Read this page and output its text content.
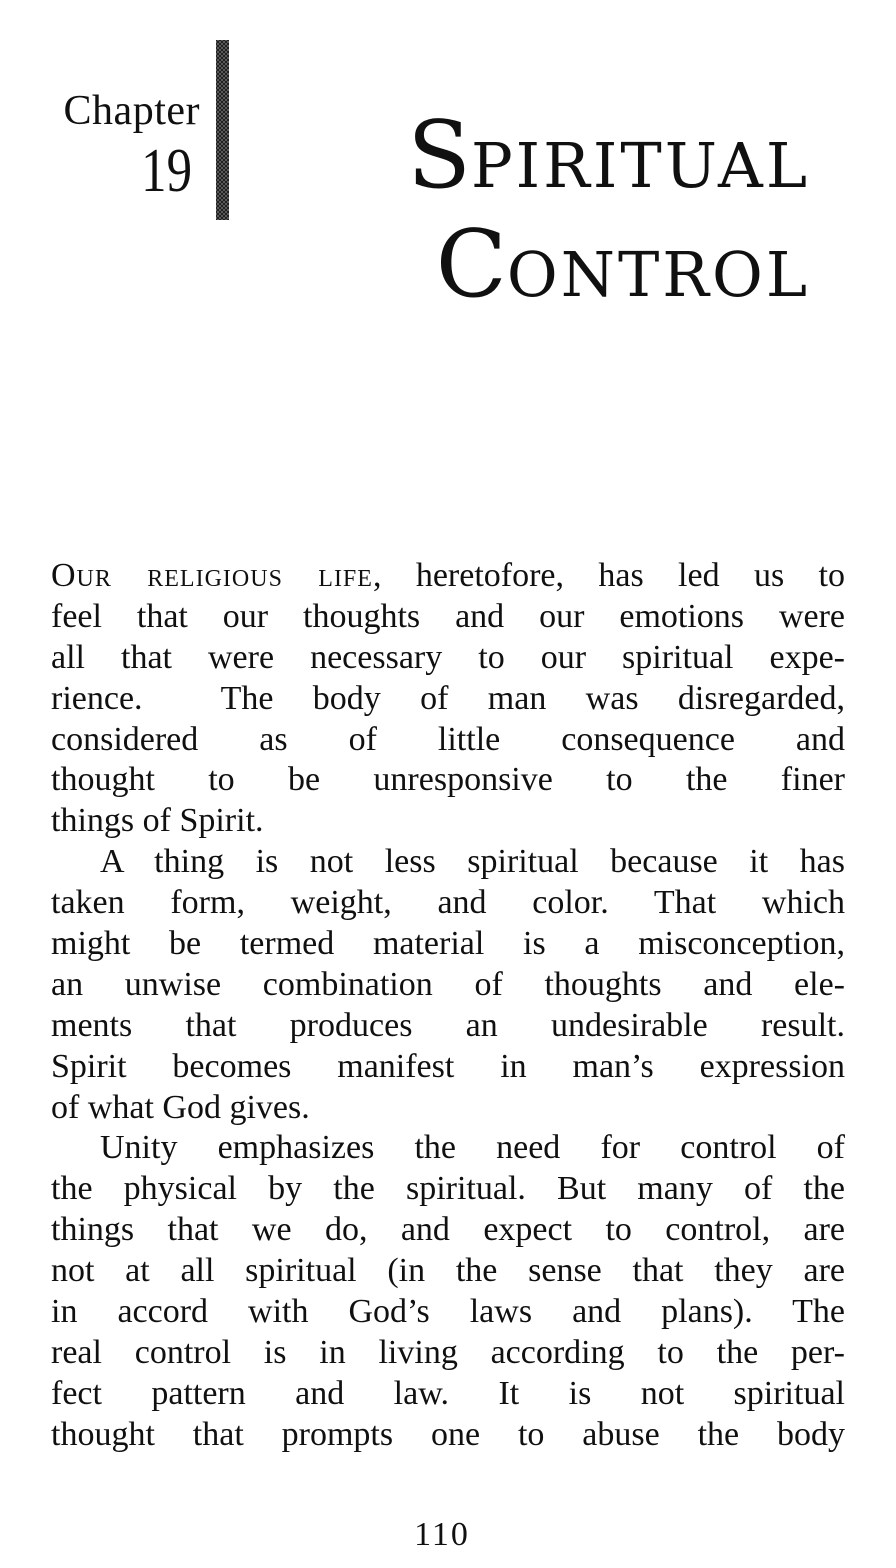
Chapter
19 SPIRITUAL
CONTROL
Our religious life, heretofore, has led us to
feel that our thoughts and our emotions were
all that were necessary to our spiritual expe-
rience.  The body of man was disregarded,
considered as of little consequence and
thought to be unresponsive to the finer
things of Spirit.
A thing is not less spiritual because it has
taken form, weight, and color. That which
might be termed material is a misconception,
an unwise combination of thoughts and ele-
ments that produces an undesirable result.
Spirit becomes manifest in man’s expression
of what God gives.
Unity emphasizes the need for control of
the physical by the spiritual. But many of the
things that we do, and expect to control, are
not at all spiritual (in the sense that they are
in accord with God’s laws and plans). The
real control is in living according to the per-
fect pattern and law. It is not spiritual
thought that prompts one to abuse the body
110
